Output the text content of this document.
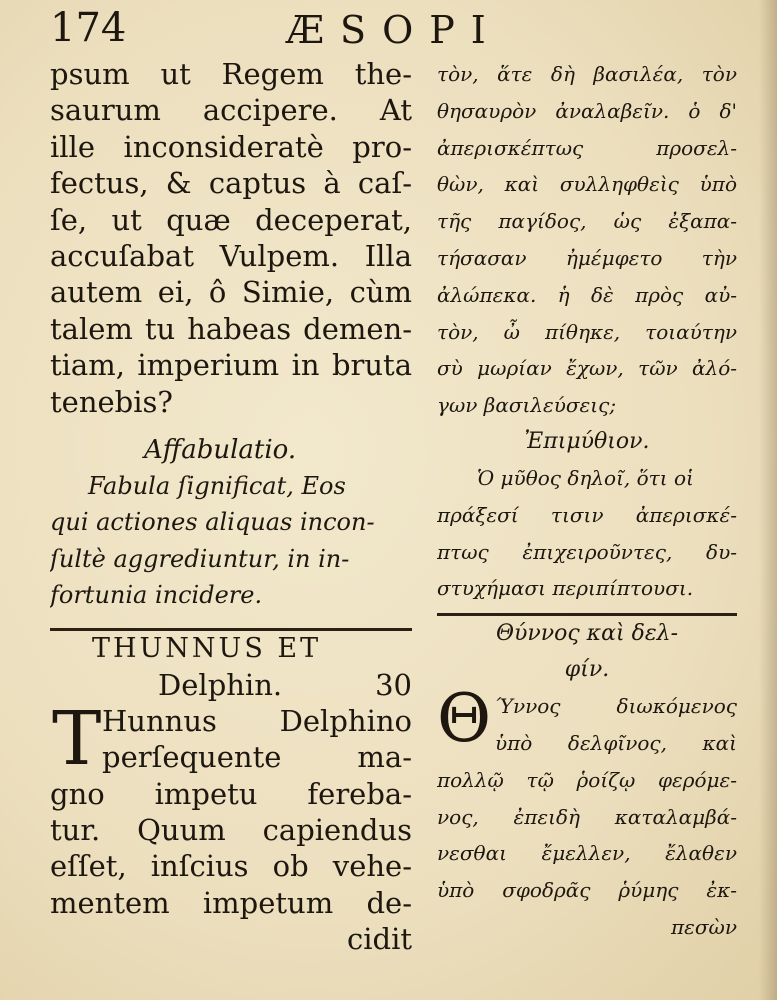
174	ÆSOPI
psum ut Regem the-
saurum accipere. At
ille inconsideratè pro-
fectus, & captus à caſ-
ſe, ut quæ deceperat,
accuſabat Vulpem. Illa
autem ei, ô Simie, cùm
talem tu habeas demen-
tiam, imperium in bruta
tenebis?
Affabulatio.
Fabula ſignificat, Eos
qui actiones aliquas incon-
ſultè aggrediuntur, in in-
fortunia incidere.
THUNNUS ET
Delphin.	30
T Hunnus Delphino
perſequente ma-
gno impetu fereba-
tur. Quum capiendus
eſſet, inſcius ob vehe-
mentem impetum de-
cidit
τὸν, ἅτε δὴ βασιλέα, τὸν
θησαυρὸν ἀναλαβεῖν. ὁ δ'
ἀπερισκέπτως προσελ-
θὼν, καὶ συλληφθεὶς ὑπὸ
τῆς παγίδος, ὡς ἐξαπα-
τήσασαν ἠμέμφετο τὴν
ἀλώπεκα. ἡ δὲ πρὸς αὐ-
τὸν, ὦ πίθηκε, τοιαύτην
σὺ μωρίαν ἔχων, τῶν ἀλό-
γων βασιλεύσεις;
Ἐπιμύθιον.
Ὁ μῦθος δηλοῖ, ὅτι οἱ
πράξεσί τισιν ἀπερισκέ-
πτως ἐπιχειροῦντες, δυ-
στυχήμασι περιπίπτουσι.
Θύννος καὶ δελ-
φίν.
Θ Ύννος διωκόμενος
ὑπὸ δελφῖνος, καὶ
πολλῷ τῷ ῥοίζῳ φερόμε-
νος, ἐπειδὴ καταλαμβά-
νεσθαι ἔμελλεν, ἔλαθεν
ὑπὸ σφοδρᾶς ῥύμης ἐκ-
πεσὼν
